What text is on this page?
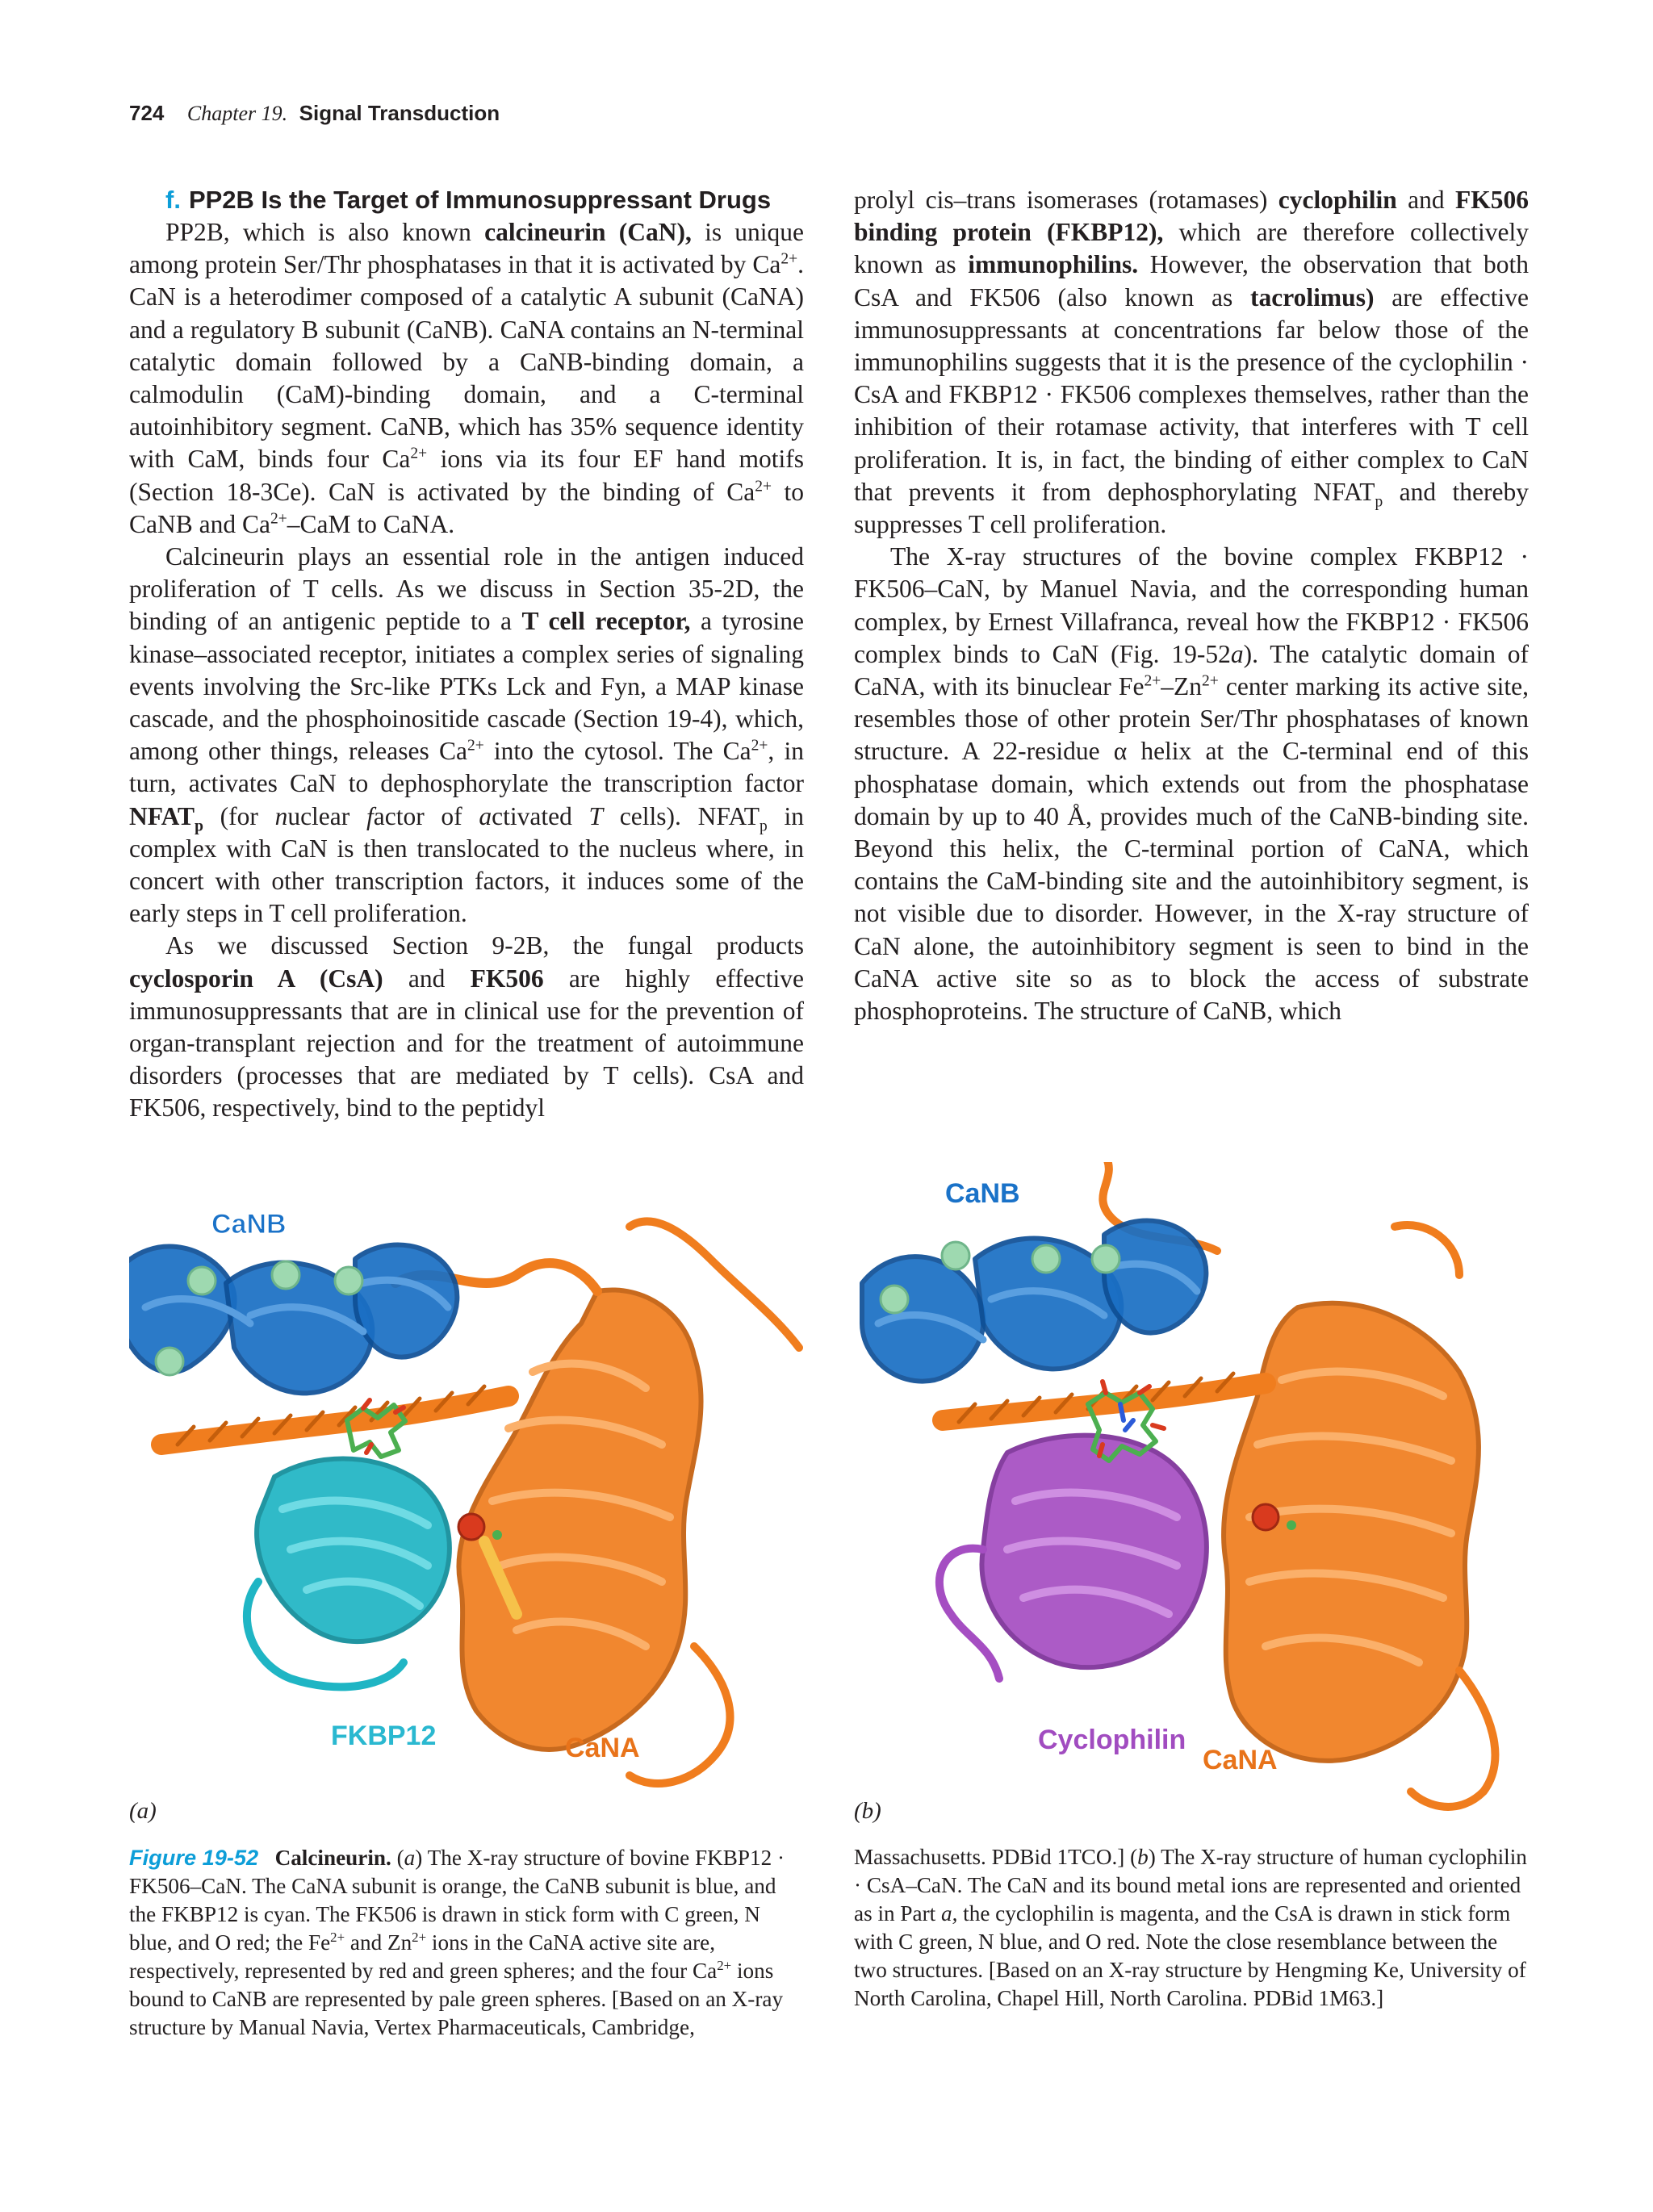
724 Chapter 19. Signal Transduction
f. PP2B Is the Target of Immunosuppressant Drugs

PP2B, which is also known calcineurin (CaN), is unique among protein Ser/Thr phosphatases in that it is activated by $Ca^{2+}$. CaN is a heterodimer composed of a catalytic A subunit (CaNA) and a regulatory B subunit (CaNB). CaNA contains an N-terminal catalytic domain followed by a CaNB-binding domain, a calmodulin (CaM)-binding domain, and a C-terminal autoinhibitory segment. CaNB, which has 35% sequence identity with CaM, binds four $Ca^{2+}$ ions via its four EF hand motifs (Section 18-3Ce). CaN is activated by the binding of $Ca^{2+}$ to CaNB and $Ca^{2+}$–CaM to CaNA.

Calcineurin plays an essential role in the antigen induced proliferation of T cells. As we discuss in Section 35-2D, the binding of an antigenic peptide to a T cell receptor, a tyrosine kinase–associated receptor, initiates a complex series of signaling events involving the Src-like PTKs Lck and Fyn, a MAP kinase cascade, and the phosphoinositide cascade (Section 19-4), which, among other things, releases $Ca^{2+}$ into the cytosol. The $Ca^{2+}$, in turn, activates CaN to dephosphorylate the transcription factor $NFAT_p$ (for nuclear factor of activated T cells). $NFAT_p$ in complex with CaN is then translocated to the nucleus where, in concert with other transcription factors, it induces some of the early steps in T cell proliferation.

As we discussed Section 9-2B, the fungal products cyclosporin A (CsA) and FK506 are highly effective immunosuppressants that are in clinical use for the prevention of organ-transplant rejection and for the treatment of autoimmune disorders (processes that are mediated by T cells). CsA and FK506, respectively, bind to the peptidyl

prolyl cis–trans isomerases (rotamases) cyclophilin and FK506 binding protein (FKBP12), which are therefore collectively known as immunophilins. However, the observation that both CsA and FK506 (also known as tacrolimus) are effective immunosuppressants at concentrations far below those of the immunophilins suggests that it is the presence of the cyclophilin · CsA and FKBP12 · FK506 complexes themselves, rather than the inhibition of their rotamase activity, that interferes with T cell proliferation. It is, in fact, the binding of either complex to CaN that prevents it from dephosphorylating $NFAT_p$ and thereby suppresses T cell proliferation.

The X-ray structures of the bovine complex FKBP12 · FK506–CaN, by Manuel Navia, and the corresponding human complex, by Ernest Villafranca, reveal how the FKBP12 · FK506 complex binds to CaN (Fig. 19-52a). The catalytic domain of CaNA, with its binuclear $Fe^{2+}-Zn^{2+}$ center marking its active site, resembles those of other protein Ser/Thr phosphatases of known structure. A 22-residue α helix at the C-terminal end of this phosphatase domain, which extends out from the phosphatase domain by up to 40 Å, provides much of the CaNB-binding site. Beyond this helix, the C-terminal portion of CaNA, which contains the CaM-binding site and the autoinhibitory segment, is not visible due to disorder. However, in the X-ray structure of CaN alone, the autoinhibitory segment is seen to bind in the CaNA active site so as to block the access of substrate phosphoproteins. The structure of CaNB, which

CaNB
FKBP12	CaNA
CaNB
Cyclophilin
CaNA
(a)	(b)
Figure 19-52 Calcineurin. (a) The X-ray structure of bovine FKBP12 · FK506–CaN. The CaNA subunit is orange, the CaNB subunit is blue, and the FKBP12 is cyan. The FK506 is drawn in stick form with C green, N blue, and O red; the $Fe^{2+}$ and $Zn^{2+}$ ions in the CaNA active site are, respectively, represented by red and green spheres; and the four $Ca^{2+}$ ions bound to CaNB are represented by pale green spheres. [Based on an X-ray structure by Manual Navia, Vertex Pharmaceuticals, Cambridge,
Massachusetts. PDBid 1TCO.] (b) The X-ray structure of human cyclophilin · CsA–CaN. The CaN and its bound metal ions are represented and oriented as in Part a, the cyclophilin is magenta, and the CsA is drawn in stick form with C green, N blue, and O red. Note the close resemblance between the two structures. [Based on an X-ray structure by Hengming Ke, University of North Carolina, Chapel Hill, North Carolina. PDBid 1M63.]
